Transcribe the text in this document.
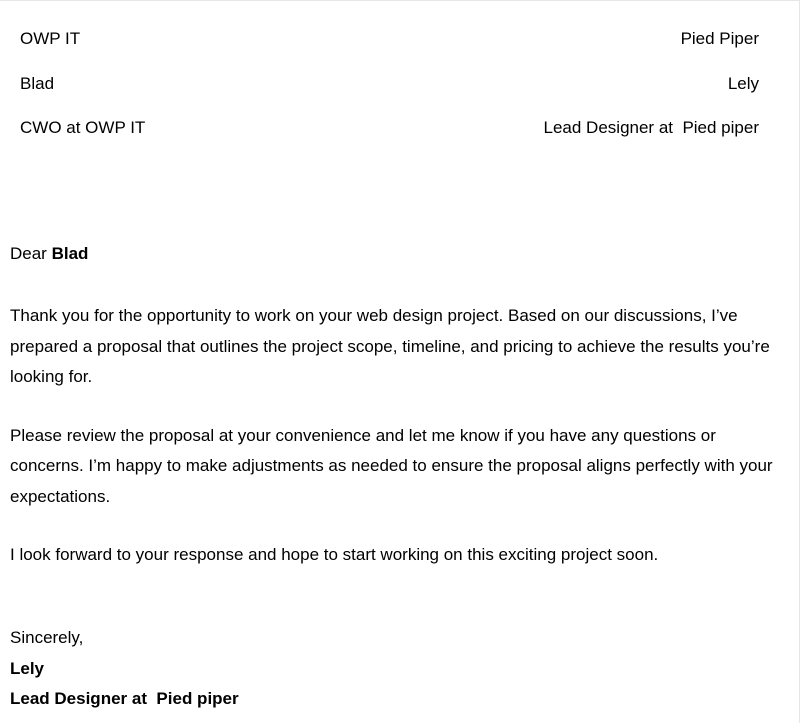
OWP IT	Pied Piper
Blad	Lely
CWO at OWP IT	Lead Designer at  Pied piper

Dear Blad

Thank you for the opportunity to work on your web design project. Based on our discussions, I’ve prepared a proposal that outlines the project scope, timeline, and pricing to achieve the results you’re looking for.

Please review the proposal at your convenience and let me know if you have any questions or concerns. I’m happy to make adjustments as needed to ensure the proposal aligns perfectly with your expectations.

I look forward to your response and hope to start working on this exciting project soon.

Sincerely,
Lely
Lead Designer at  Pied piper
